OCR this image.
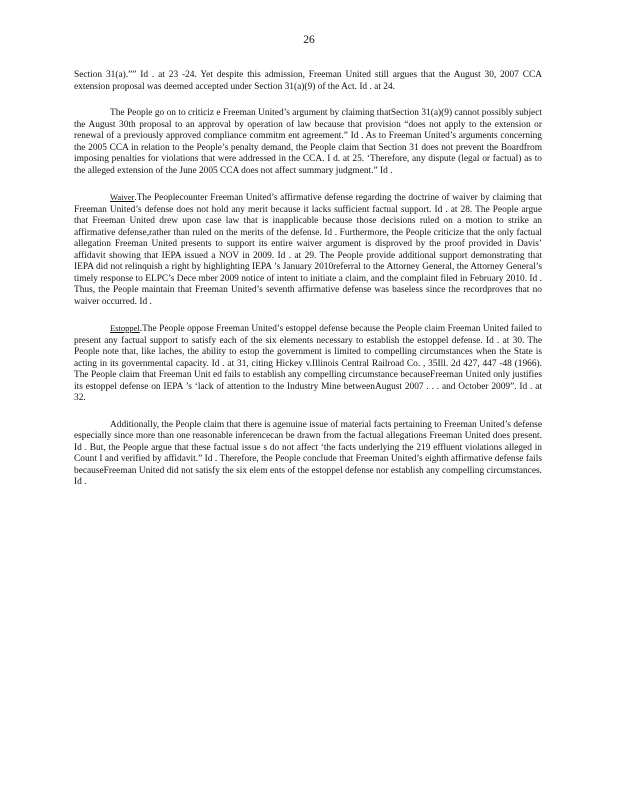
26

Section 31(a).”” Id . at 23 -24. Yet despite this admission, Freeman United still argues that the August 30, 2007 CCA extension proposal was deemed accepted under Section 31(a)(9) of the Act. Id . at 24.

The People go on to criticiz e Freeman United’s argument by claiming thatSection 31(a)(9) cannot possibly subject the August 30th proposal to an approval by operation of law because that provision “does not apply to the extension or renewal of a previously approved compliance commitm ent agreement.” Id . As to Freeman United’s arguments concerning the 2005 CCA in relation to the People’s penalty demand, the People claim that Section 31 does not prevent the Boardfrom imposing penalties for violations that were addressed in the CCA. I d. at 25. ‘Therefore, any dispute (legal or factual) as to the alleged extension of the June 2005 CCA does not affect summary judgment.” Id .

Waiver.The Peoplecounter Freeman United’s affirmative defense regarding the doctrine of waiver by claiming that Freeman United’s defense does not hold any merit because it lacks sufficient factual support. Id . at 28. The People argue that Freeman United drew upon case law that is inapplicable because those decisions ruled on a motion to strike an affirmative defense,rather than ruled on the merits of the defense. Id . Furthermore, the People criticize that the only factual allegation Freeman United presents to support its entire waiver argument is disproved by the proof provided in Davis’ affidavit showing that IEPA issued a NOV in 2009. Id . at 29. The People provide additional support demonstrating that IEPA did not relinquish a right by highlighting IEPA ’s January 2010referral to the Attorney General, the Attorney General’s timely response to ELPC’s Dece mber 2009 notice of intent to initiate a claim, and the complaint filed in February 2010. Id . Thus, the People maintain that Freeman United’s seventh affirmative defense was baseless since the recordproves that no waiver occurred. Id .

Estoppel.The People oppose Freeman United’s estoppel defense because the People claim Freeman United failed to present any factual support to satisfy each of the six elements necessary to establish the estoppel defense. Id . at 30. The People note that, like laches, the ability to estop the government is limited to compelling circumstances when the State is acting in its governmental capacity. Id . at 31, citing Hickey v.Illinois Central Railroad Co. , 35Ill. 2d 427, 447 -48 (1966). The People claim that Freeman Unit ed fails to establish any compelling circumstance becauseFreeman United only justifies its estoppel defense on IEPA ’s ‘lack of attention to the Industry Mine betweenAugust 2007 . . . and October 2009”. Id . at 32.

Additionally, the People claim that there is agenuine issue of material facts pertaining to Freeman United’s defense especially since more than one reasonable inferencecan be drawn from the factual allegations Freeman United does present. Id . But, the People argue that these factual issue s do not affect ‘the facts underlying the 219 effluent violations alleged in Count I and verified by affidavit.” Id . Therefore, the People conclude that Freeman United’s eighth affirmative defense fails becauseFreeman United did not satisfy the six elem ents of the estoppel defense nor establish any compelling circumstances. Id .
